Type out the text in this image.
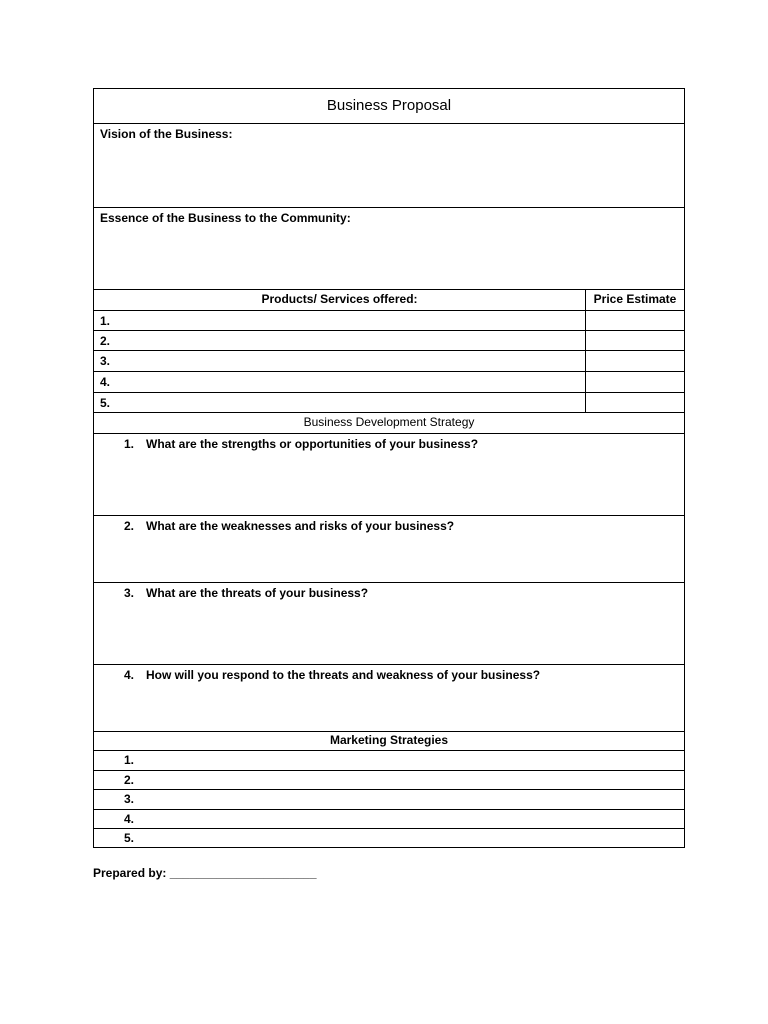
Business Proposal
Vision of the Business:
Essence of the Business to the Community:
Products/ Services offered:	Price Estimate
1.
2.
3.
4.
5.
Business Development Strategy
1. What are the strengths or opportunities of your business?
2. What are the weaknesses and risks of your business?
3. What are the threats of your business?
4. How will you respond to the threats and weakness of your business?
Marketing Strategies
1.
2.
3.
4.
5.
Prepared by: ______________________
